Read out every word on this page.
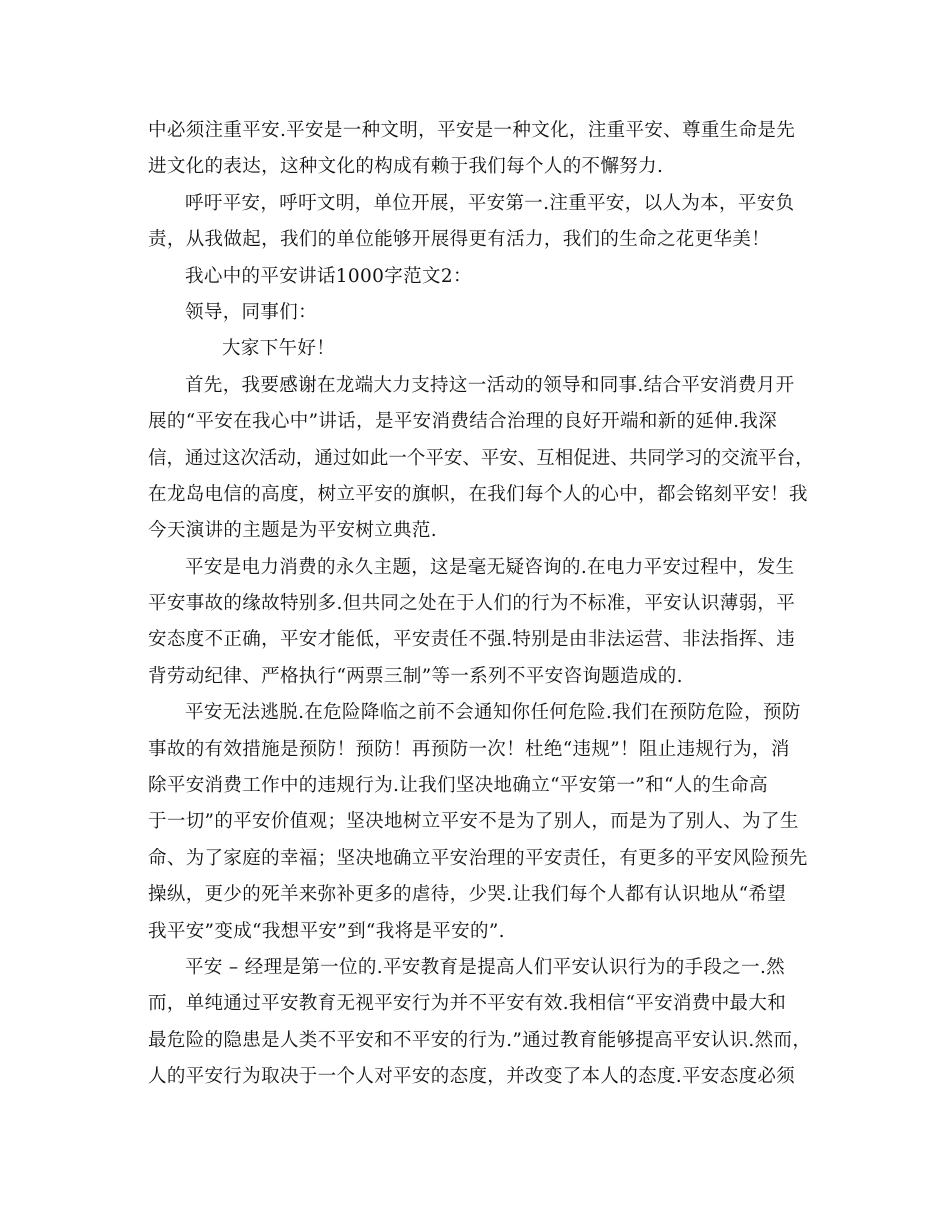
中必须注重平安.平安是一种文明，平安是一种文化，注重平安、尊重生命是先
进文化的表达，这种文化的构成有赖于我们每个人的不懈努力.
呼吁平安，呼吁文明，单位开展，平安第一.注重平安，以人为本，平安负
责，从我做起，我们的单位能够开展得更有活力，我们的生命之花更华美！
我心中的平安讲话1000字范文2：
领导，同事们：
大家下午好！
首先，我要感谢在龙端大力支持这一活动的领导和同事.结合平安消费月开
展的“平安在我心中”讲话，是平安消费结合治理的良好开端和新的延伸.我深
信，通过这次活动，通过如此一个平安、平安、互相促进、共同学习的交流平台，
在龙岛电信的高度，树立平安的旗帜，在我们每个人的心中，都会铭刻平安！我
今天演讲的主题是为平安树立典范.
平安是电力消费的永久主题，这是毫无疑咨询的.在电力平安过程中，发生
平安事故的缘故特别多.但共同之处在于人们的行为不标准，平安认识薄弱，平
安态度不正确，平安才能低，平安责任不强.特别是由非法运营、非法指挥、违
背劳动纪律、严格执行“两票三制”等一系列不平安咨询题造成的.
平安无法逃脱.在危险降临之前不会通知你任何危险.我们在预防危险，预防
事故的有效措施是预防！预防！再预防一次！杜绝“违规”！阻止违规行为，消
除平安消费工作中的违规行为.让我们坚决地确立“平安第一”和“人的生命高
于一切”的平安价值观；坚决地树立平安不是为了别人，而是为了别人、为了生
命、为了家庭的幸福；坚决地确立平安治理的平安责任，有更多的平安风险预先
操纵，更少的死羊来弥补更多的虐待，少哭.让我们每个人都有认识地从“希望
我平安”变成“我想平安”到“我将是平安的”.
平安 – 经理是第一位的.平安教育是提高人们平安认识行为的手段之一.然
而，单纯通过平安教育无视平安行为并不平安有效.我相信“平安消费中最大和
最危险的隐患是人类不平安和不平安的行为.”通过教育能够提高平安认识.然而，
人的平安行为取决于一个人对平安的态度，并改变了本人的态度.平安态度必须
